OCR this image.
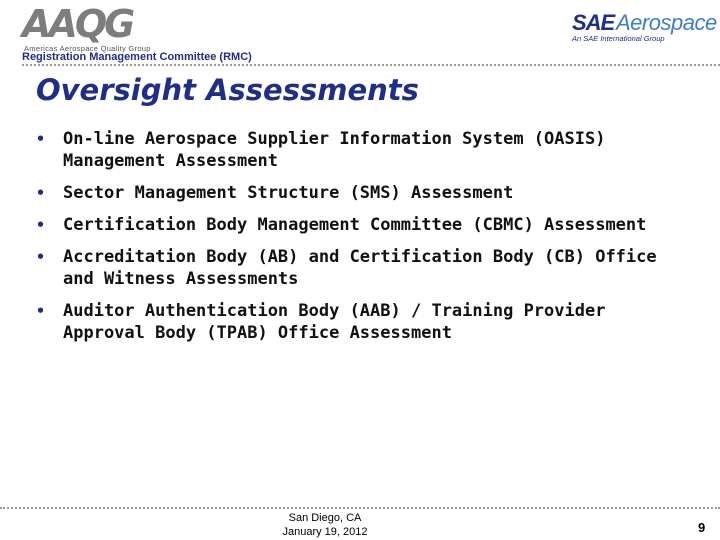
AAQG
Americas Aerospace Quality Group
Registration Management Committee (RMC)
SAE Aerospace
An SAE International Group
Oversight Assessments
• On-line Aerospace Supplier Information System (OASIS) Management Assessment
• Sector Management Structure (SMS) Assessment
• Certification Body Management Committee (CBMC) Assessment
• Accreditation Body (AB) and Certification Body (CB) Office and Witness Assessments
• Auditor Authentication Body (AAB) / Training Provider Approval Body (TPAB) Office Assessment
San Diego, CA
January 19, 2012	9
